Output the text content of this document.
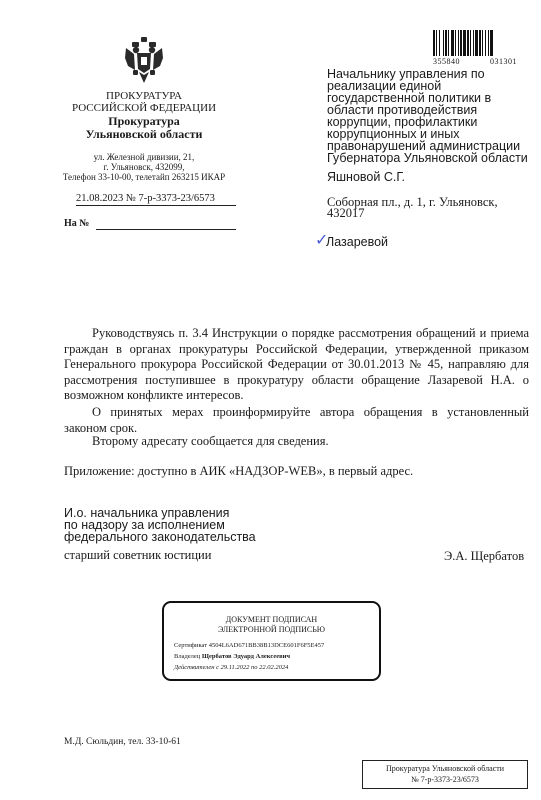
ПРОКУРАТУРА
РОССИЙСКОЙ ФЕДЕРАЦИИ
Прокуратура
Ульяновской области
ул. Железной дивизии, 21,
г. Ульяновск, 432099,
Телефон 33-10-00, телетайп 263215 ИКАР
21.08.2023 № 7-р-3373-23/6573
На №
355840	031301
Начальнику управления по реализации единой государственной политики в области противодействия коррупции, профилактики коррупционных и иных правонарушений администрации Губернатора Ульяновской области
Яшновой С.Г.
Соборная пл., д. 1, г. Ульяновск,
432017
✓
Лазаревой
Руководствуясь п. 3.4 Инструкции о порядке рассмотрения обращений и приема граждан в органах прокуратуры Российской Федерации, утвержденной приказом Генерального прокурора Российской Федерации от 30.01.2013 № 45, направляю для рассмотрения поступившее в прокуратуру области обращение Лазаревой Н.А. о возможном конфликте интересов.
О принятых мерах проинформируйте автора обращения в установленный законом срок.
Второму адресату сообщается для сведения.
Приложение: доступно в АИК «НАДЗОР-WEB», в первый адрес.
И.о. начальника управления
по надзору за исполнением
федерального законодательства
старший советник юстиции	Э.А. Щербатов
ДОКУМЕНТ ПОДПИСАН
ЭЛЕКТРОННОЙ ПОДПИСЬЮ
Сертификат 4504L6AD671BB38B13DCE601F6F5E457
Владелец Щербатов Эдуард Алексеевич
Действителен с 29.11.2022 по 22.02.2024
М.Д. Сюльдин, тел. 33-10-61
Прокуратура Ульяновской области
№ 7-р-3373-23/6573
